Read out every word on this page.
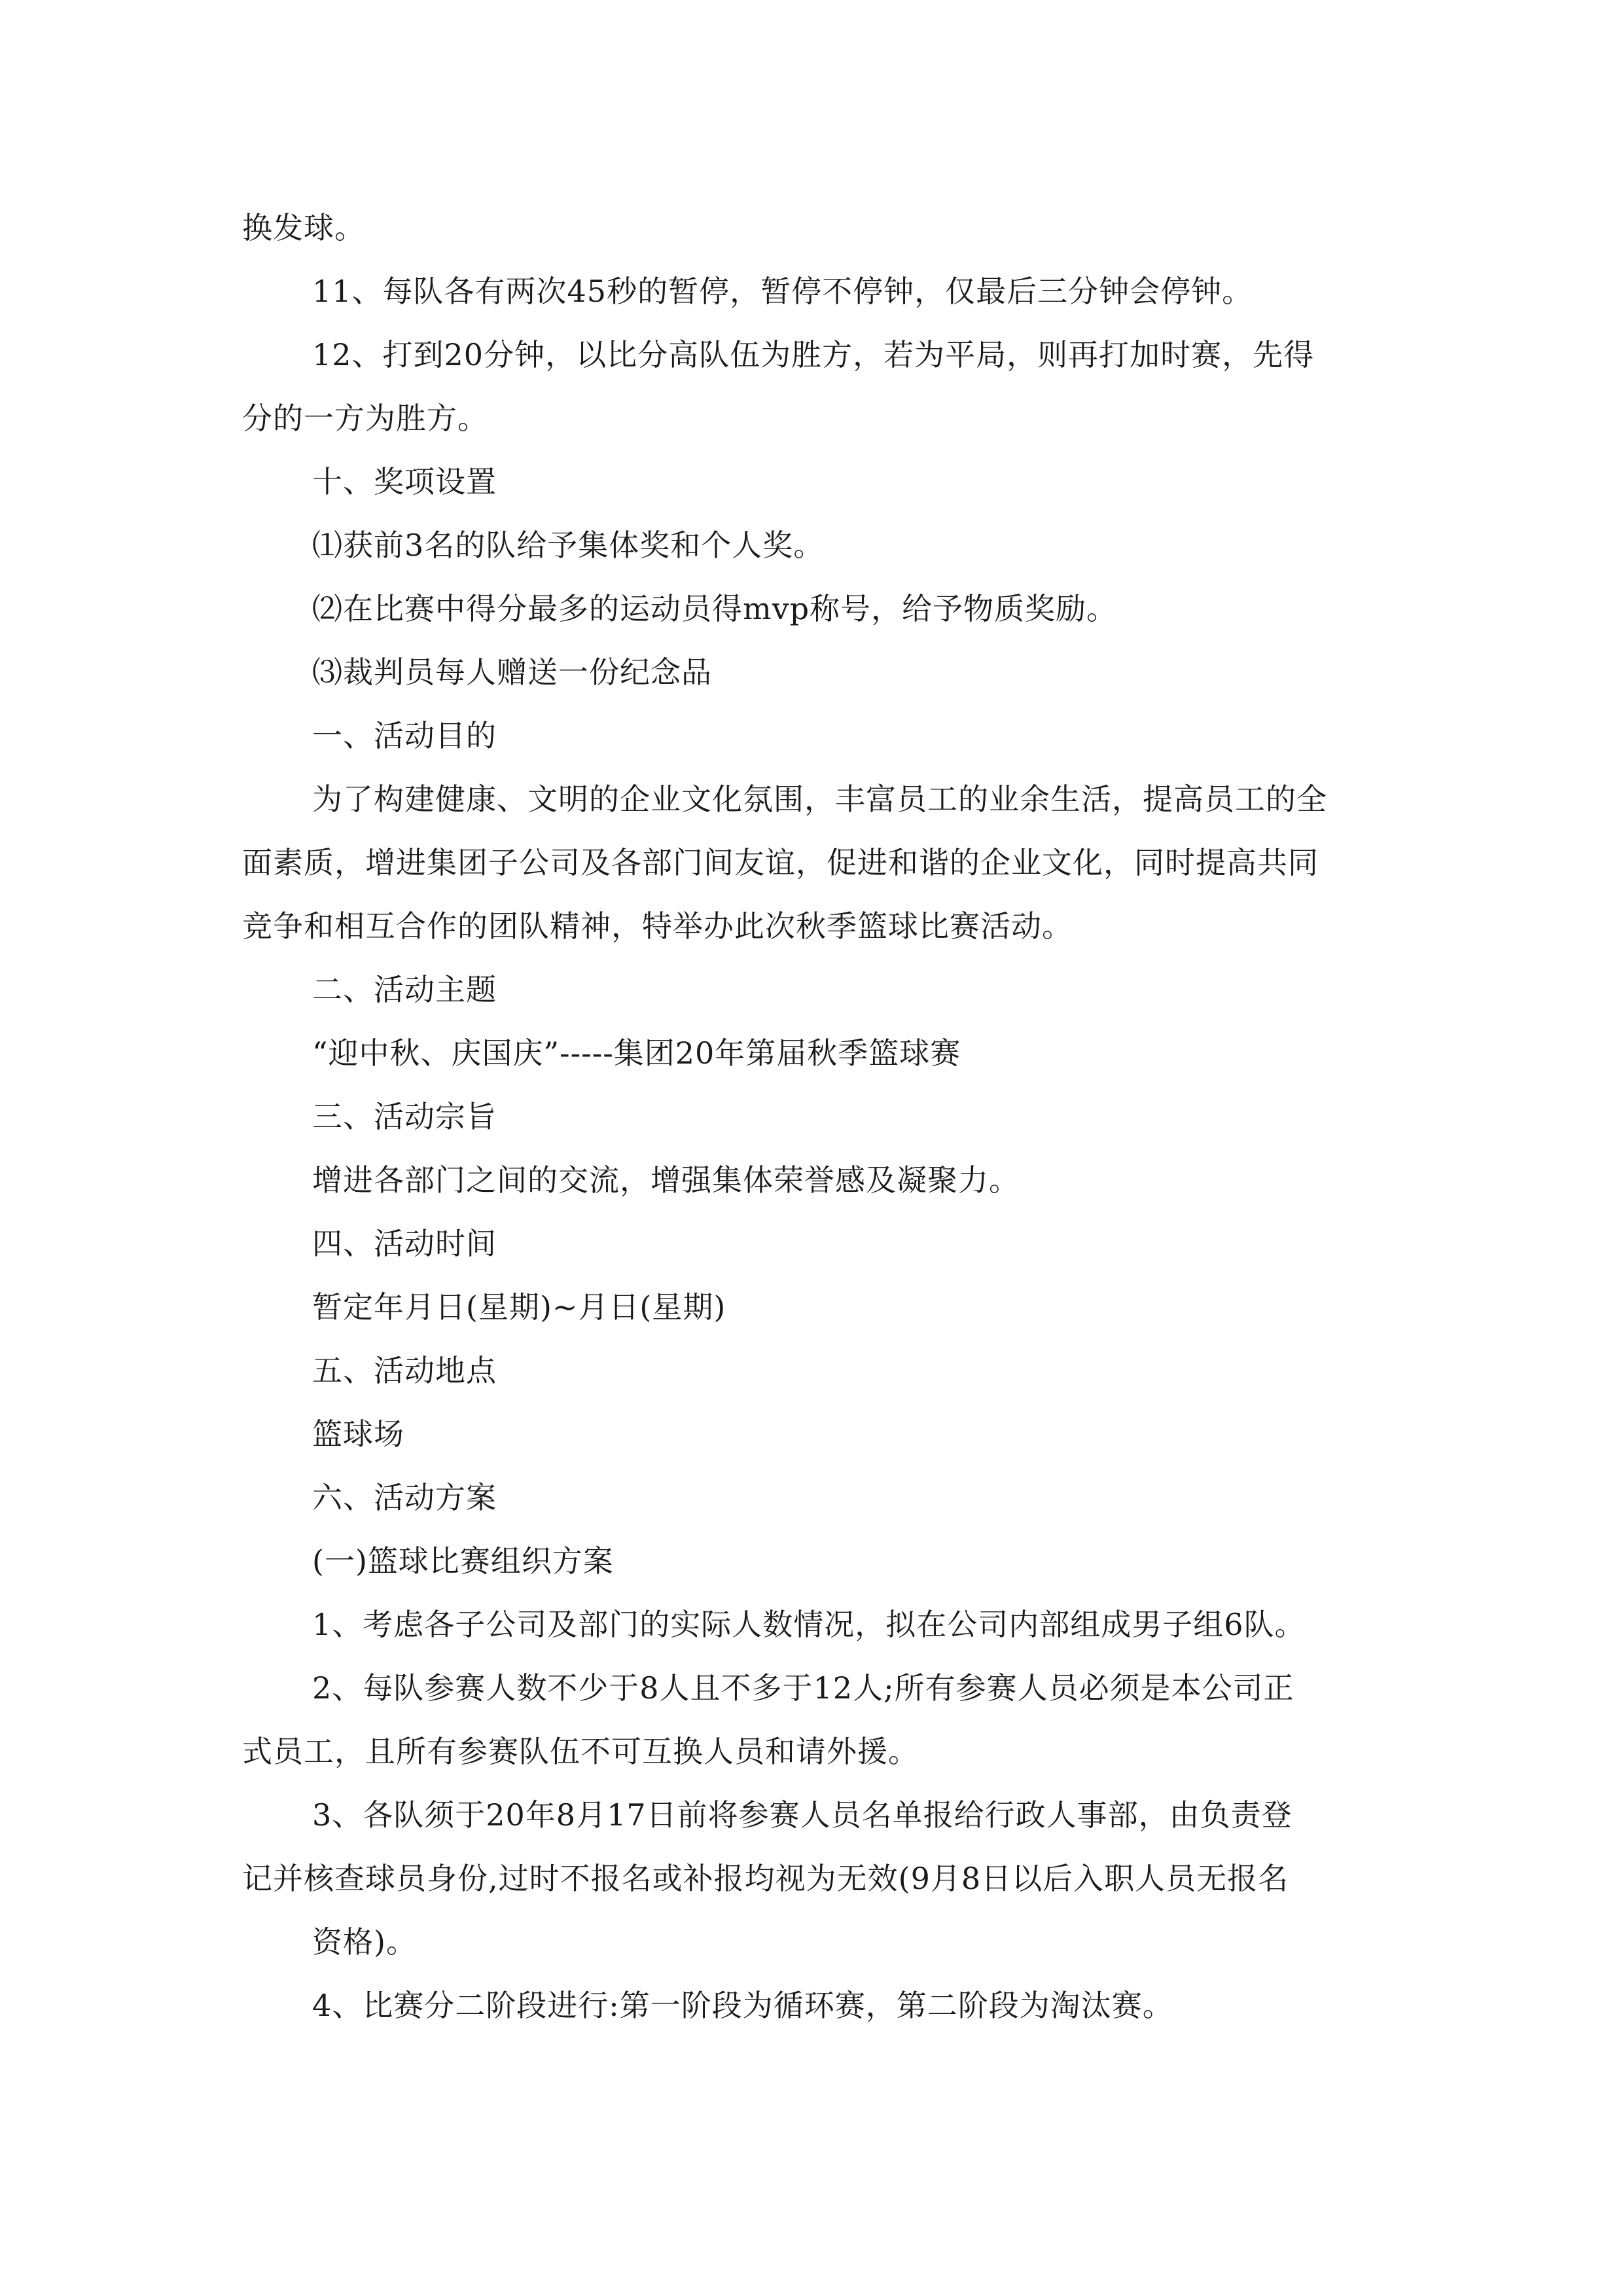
换发球。
11、每队各有两次45秒的暂停，暂停不停钟，仅最后三分钟会停钟。
12、打到20分钟，以比分高队伍为胜方，若为平局，则再打加时赛，先得
分的一方为胜方。
十、奖项设置
⑴获前3名的队给予集体奖和个人奖。
⑵在比赛中得分最多的运动员得mvp称号，给予物质奖励。
⑶裁判员每人赠送一份纪念品
一、活动目的
为了构建健康、文明的企业文化氛围，丰富员工的业余生活，提高员工的全
面素质，增进集团子公司及各部门间友谊，促进和谐的企业文化，同时提高共同
竞争和相互合作的团队精神，特举办此次秋季篮球比赛活动。
二、活动主题
“迎中秋、庆国庆”-----集团20年第届秋季篮球赛
三、活动宗旨
增进各部门之间的交流，增强集体荣誉感及凝聚力。
四、活动时间
暂定年月日(星期)~月日(星期)
五、活动地点
篮球场
六、活动方案
(一)篮球比赛组织方案
1、考虑各子公司及部门的实际人数情况，拟在公司内部组成男子组6队。
2、每队参赛人数不少于8人且不多于12人;所有参赛人员必须是本公司正
式员工，且所有参赛队伍不可互换人员和请外援。
3、各队须于20年8月17日前将参赛人员名单报给行政人事部，由负责登
记并核查球员身份,过时不报名或补报均视为无效(9月8日以后入职人员无报名
资格)。
4、比赛分二阶段进行:第一阶段为循环赛，第二阶段为淘汰赛。
